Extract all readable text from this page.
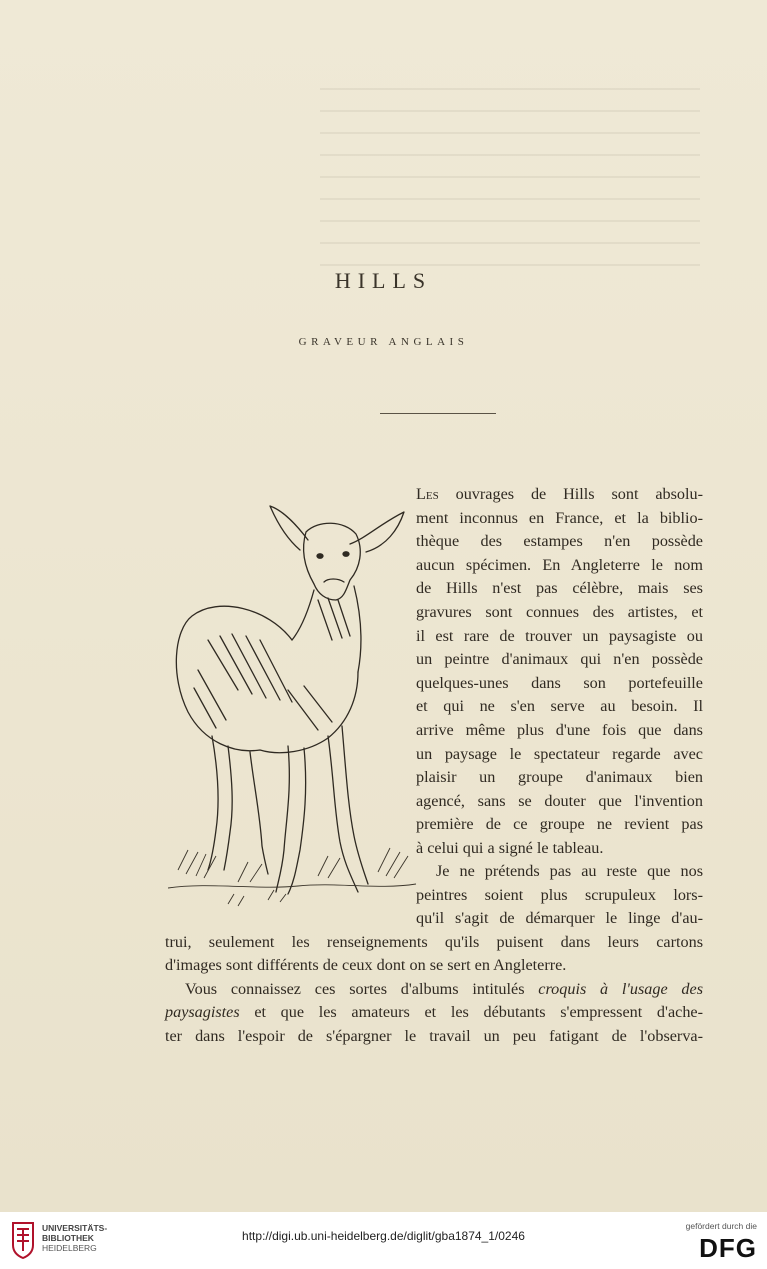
HILLS
GRAVEUR ANGLAIS
Les ouvrages de Hills sont absolu-
ment inconnus en France, et la biblio-
thèque des estampes n'en possède
aucun spécimen. En Angleterre le nom
de Hills n'est pas célèbre, mais ses
gravures sont connues des artistes, et
il est rare de trouver un paysagiste ou
un peintre d'animaux qui n'en possède
quelques-unes dans son portefeuille
et qui ne s'en serve au besoin. Il
arrive même plus d'une fois que dans
un paysage le spectateur regarde avec
plaisir un groupe d'animaux bien
agencé, sans se douter que l'invention
première de ce groupe ne revient pas
à celui qui a signé le tableau.
Je ne prétends pas au reste que nos
peintres soient plus scrupuleux lors-
qu'il s'agit de démarquer le linge d'au-
trui, seulement les renseignements qu'ils puisent dans leurs cartons
d'images sont différents de ceux dont on se sert en Angleterre.
Vous connaissez ces sortes d'albums intitulés croquis à l'usage des
paysagistes et que les amateurs et les débutants s'empressent d'ache-
ter dans l'espoir de s'épargner le travail un peu fatigant de l'observa-
UNIVERSITÄTS-
BIBLIOTHEK
HEIDELBERG
http://digi.ub.uni-heidelberg.de/diglit/gba1874_1/0246
gefördert durch die
DFG
